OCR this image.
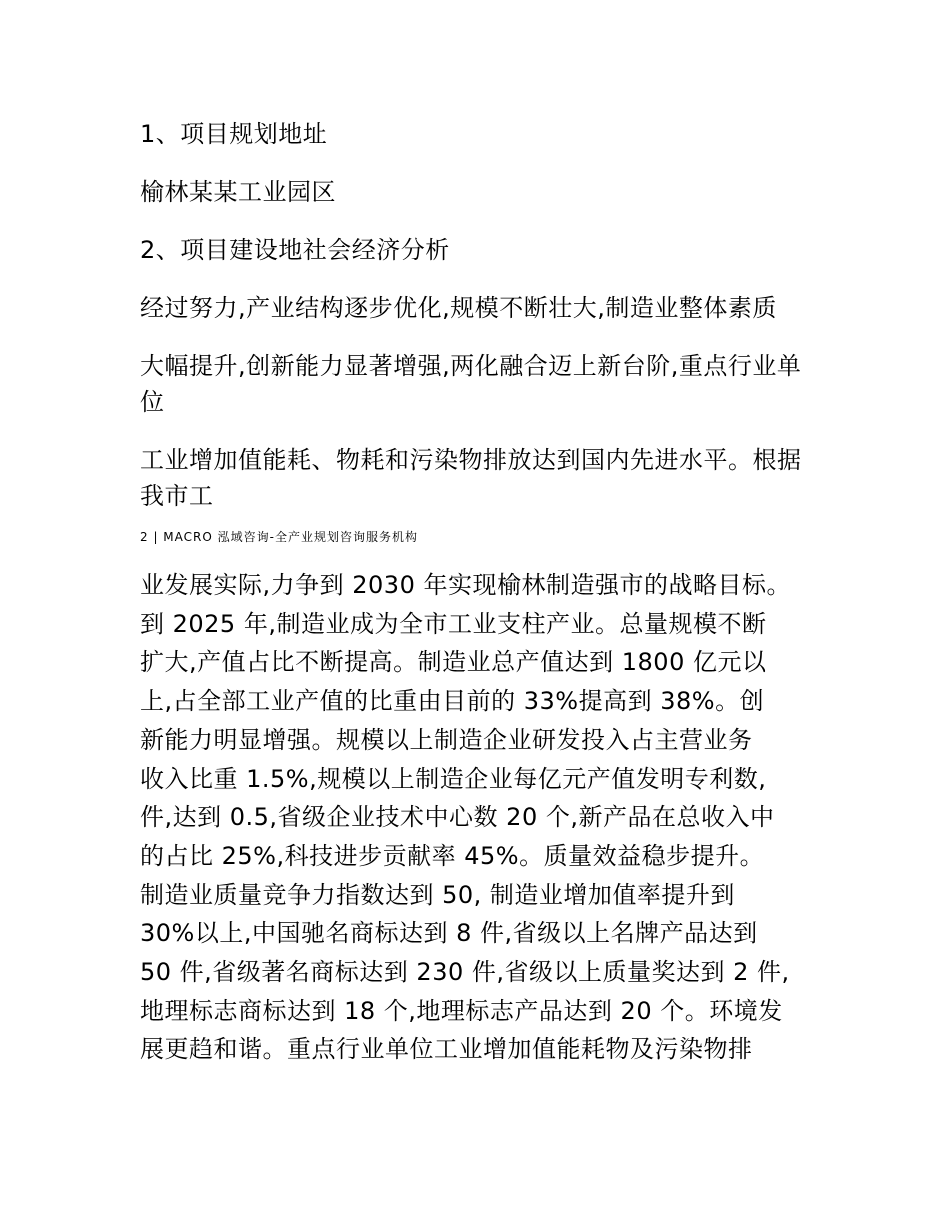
1、项目规划地址

榆林某某工业园区

2、项目建设地社会经济分析

经过努力,产业结构逐步优化,规模不断壮大,制造业整体素质

大幅提升,创新能力显著增强,两化融合迈上新台阶,重点行业单位

工业增加值能耗、物耗和污染物排放达到国内先进水平。根据我市工

2 | MACRO 泓域咨询-全产业规划咨询服务机构
业发展实际,力争到 2030 年实现榆林制造强市的战略目标。
到 2025 年,制造业成为全市工业支柱产业。总量规模不断
扩大,产值占比不断提高。制造业总产值达到 1800 亿元以
上,占全部工业产值的比重由目前的 33%提高到 38%。创
新能力明显增强。规模以上制造企业研发投入占主营业务
收入比重 1.5%,规模以上制造企业每亿元产值发明专利数,
件,达到 0.5,省级企业技术中心数 20 个,新产品在总收入中
的占比 25%,科技进步贡献率 45%。质量效益稳步提升。
制造业质量竞争力指数达到 50, 制造业增加值率提升到
30%以上,中国驰名商标达到 8 件,省级以上名牌产品达到
50 件,省级著名商标达到 230 件,省级以上质量奖达到 2 件,
地理标志商标达到 18 个,地理标志产品达到 20 个。环境发
展更趋和谐。重点行业单位工业增加值能耗物及污染物排
